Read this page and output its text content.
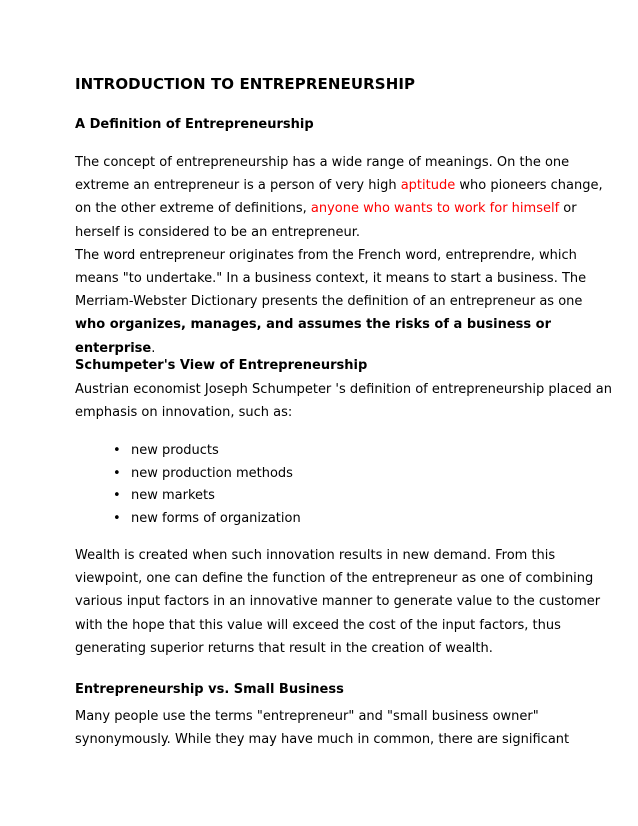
INTRODUCTION TO ENTREPRENEURSHIP
A Definition of Entrepreneurship

The concept of entrepreneurship has a wide range of meanings. On the one extreme an entrepreneur is a person of very high aptitude who pioneers change, on the other extreme of definitions, anyone who wants to work for himself or herself is considered to be an entrepreneur.

The word entrepreneur originates from the French word, entreprendre, which means "to undertake." In a business context, it means to start a business. The Merriam-Webster Dictionary presents the definition of an entrepreneur as one who organizes, manages, and assumes the risks of a business or enterprise.

Schumpeter's View of Entrepreneurship

Austrian economist Joseph Schumpeter 's definition of entrepreneurship placed an emphasis on innovation, such as:

• new products
• new production methods
• new markets
• new forms of organization

Wealth is created when such innovation results in new demand. From this viewpoint, one can define the function of the entrepreneur as one of combining various input factors in an innovative manner to generate value to the customer with the hope that this value will exceed the cost of the input factors, thus generating superior returns that result in the creation of wealth.

Entrepreneurship vs. Small Business

Many people use the terms "entrepreneur" and "small business owner" synonymously. While they may have much in common, there are significant
